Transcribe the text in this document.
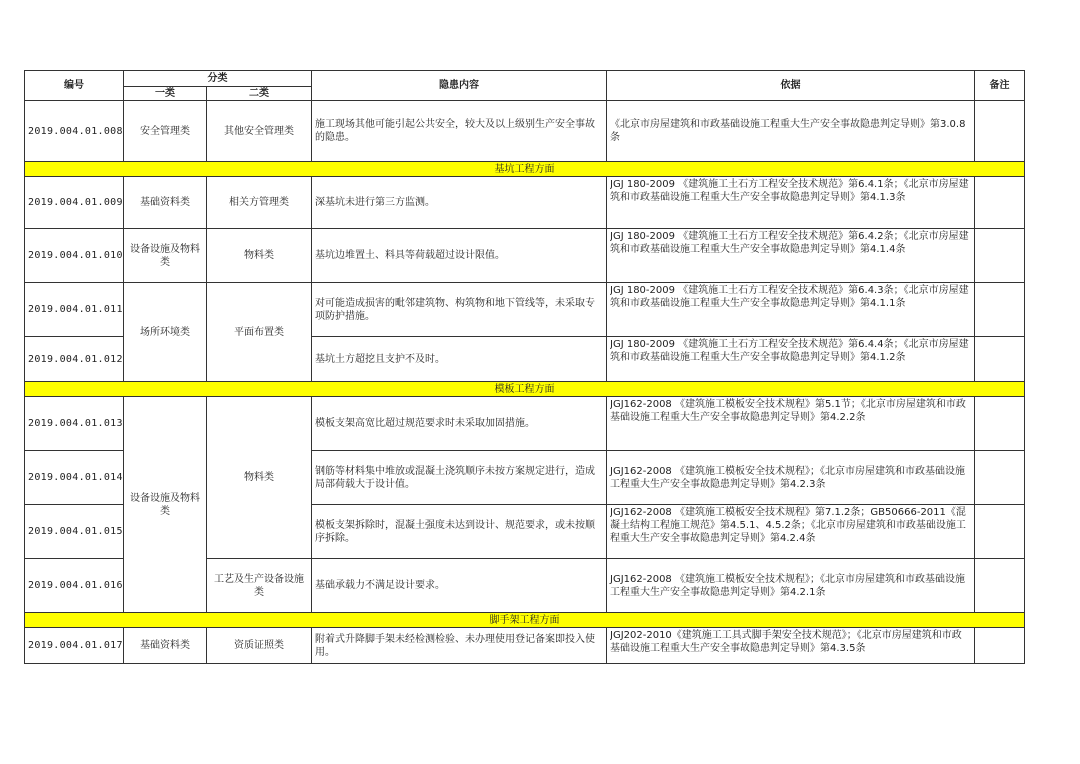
编号	分类		隐患内容	依据	备注
	一类	二类			
2019.004.01.008	安全管理类	其他安全管理类	施工现场其他可能引起公共安全，较大及以上级别生产安全事故的隐患。	《北京市房屋建筑和市政基础设施工程重大生产安全事故隐患判定导则》第3.0.8条	
基坑工程方面					
2019.004.01.009	基础资料类	相关方管理类	深基坑未进行第三方监测。	JGJ 180-2009 《建筑施工土石方工程安全技术规范》第6.4.1条；《北京市房屋建筑和市政基础设施工程重大生产安全事故隐患判定导则》第4.1.3条	

2019.004.01.010	设备设施及物料类	物料类	基坑边堆置土、料具等荷载超过设计限值。	JGJ 180-2009 《建筑施工土石方工程安全技术规范》第6.4.2条；《北京市房屋建筑和市政基础设施工程重大生产安全事故隐患判定导则》第4.1.4条	

2019.004.01.011	场所环境类	平面布置类	对可能造成损害的毗邻建筑物、构筑物和地下管线等，未采取专项防护措施。	JGJ 180-2009 《建筑施工土石方工程安全技术规范》第6.4.3条；《北京市房屋建筑和市政基础设施工程重大生产安全事故隐患判定导则》第4.1.1条	

2019.004.01.012			基坑土方超挖且支护不及时。	JGJ 180-2009 《建筑施工土石方工程安全技术规范》第6.4.4条；《北京市房屋建筑和市政基础设施工程重大生产安全事故隐患判定导则》第4.1.2条	

模板工程方面					
2019.004.01.013	设备设施及物料类	物料类	模板支架高宽比超过规范要求时未采取加固措施。	JGJ162-2008 《建筑施工模板安全技术规程》第5.1节；《北京市房屋建筑和市政基础设施工程重大生产安全事故隐患判定导则》第4.2.2条	

2019.004.01.014			钢筋等材料集中堆放或混凝土浇筑顺序未按方案规定进行，造成局部荷载大于设计值。	JGJ162-2008 《建筑施工模板安全技术规程》；《北京市房屋建筑和市政基础设施工程重大生产安全事故隐患判定导则》第4.2.3条	
2019.004.01.015			模板支架拆除时，混凝土强度未达到设计、规范要求，或未按顺序拆除。	JGJ162-2008 《建筑施工模板安全技术规程》第7.1.2条；GB50666-2011《混凝土结构工程施工规范》第4.5.1、4.5.2条；《北京市房屋建筑和市政基础设施工程重大生产安全事故隐患判定导则》第4.2.4条	

2019.004.01.016		工艺及生产设备设施类	基础承载力不满足设计要求。	JGJ162-2008 《建筑施工模板安全技术规程》；《北京市房屋建筑和市政基础设施工程重大生产安全事故隐患判定导则》第4.2.1条	
脚手架工程方面					
2019.004.01.017	基础资料类	资质证照类	附着式升降脚手架未经检测检验、未办理使用登记备案即投入使用。	JGJ202-2010《建筑施工工具式脚手架安全技术规范》；《北京市房屋建筑和市政基础设施工程重大生产安全事故隐患判定导则》第4.3.5条	
